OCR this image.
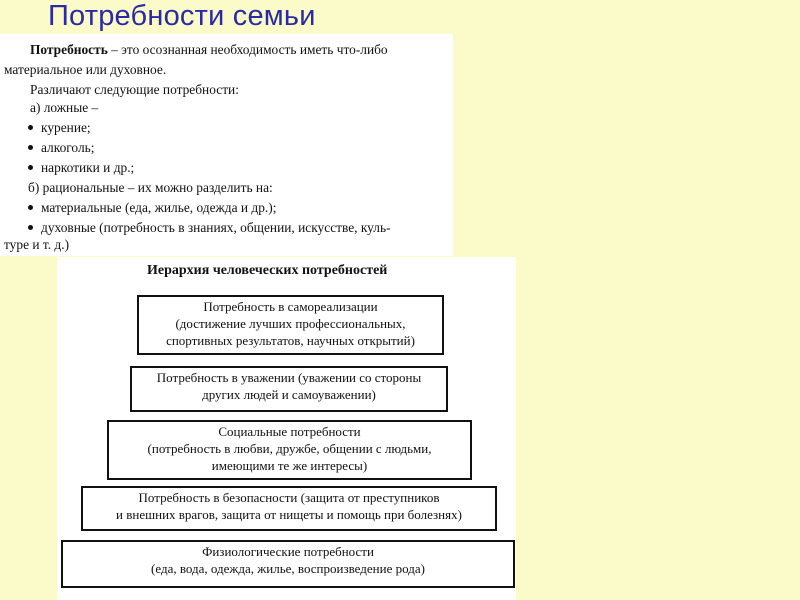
Потребности семьи
Потребность – это осознанная необходимость иметь что-либо
материальное или духовное.
Различают следующие потребности:
а) ложные –
курение;
алкоголь;
наркотики и др.;
б) рациональные – их можно разделить на:
материальные (еда, жилье, одежда и др.);
духовные (потребность в знаниях, общении, искусстве, куль-
туре и т. д.)
Иерархия человеческих потребностей
Потребность в самореализации
(достижение лучших профессиональных,
спортивных результатов, научных открытий)
Потребность в уважении (уважении со стороны
других людей и самоуважении)
Социальные потребности
(потребность в любви, дружбе, общении с людьми,
имеющими те же интересы)
Потребность в безопасности (защита от преступников
и внешних врагов, защита от нищеты и помощь при болезнях)
Физиологические потребности
(еда, вода, одежда, жилье, воспроизведение рода)
